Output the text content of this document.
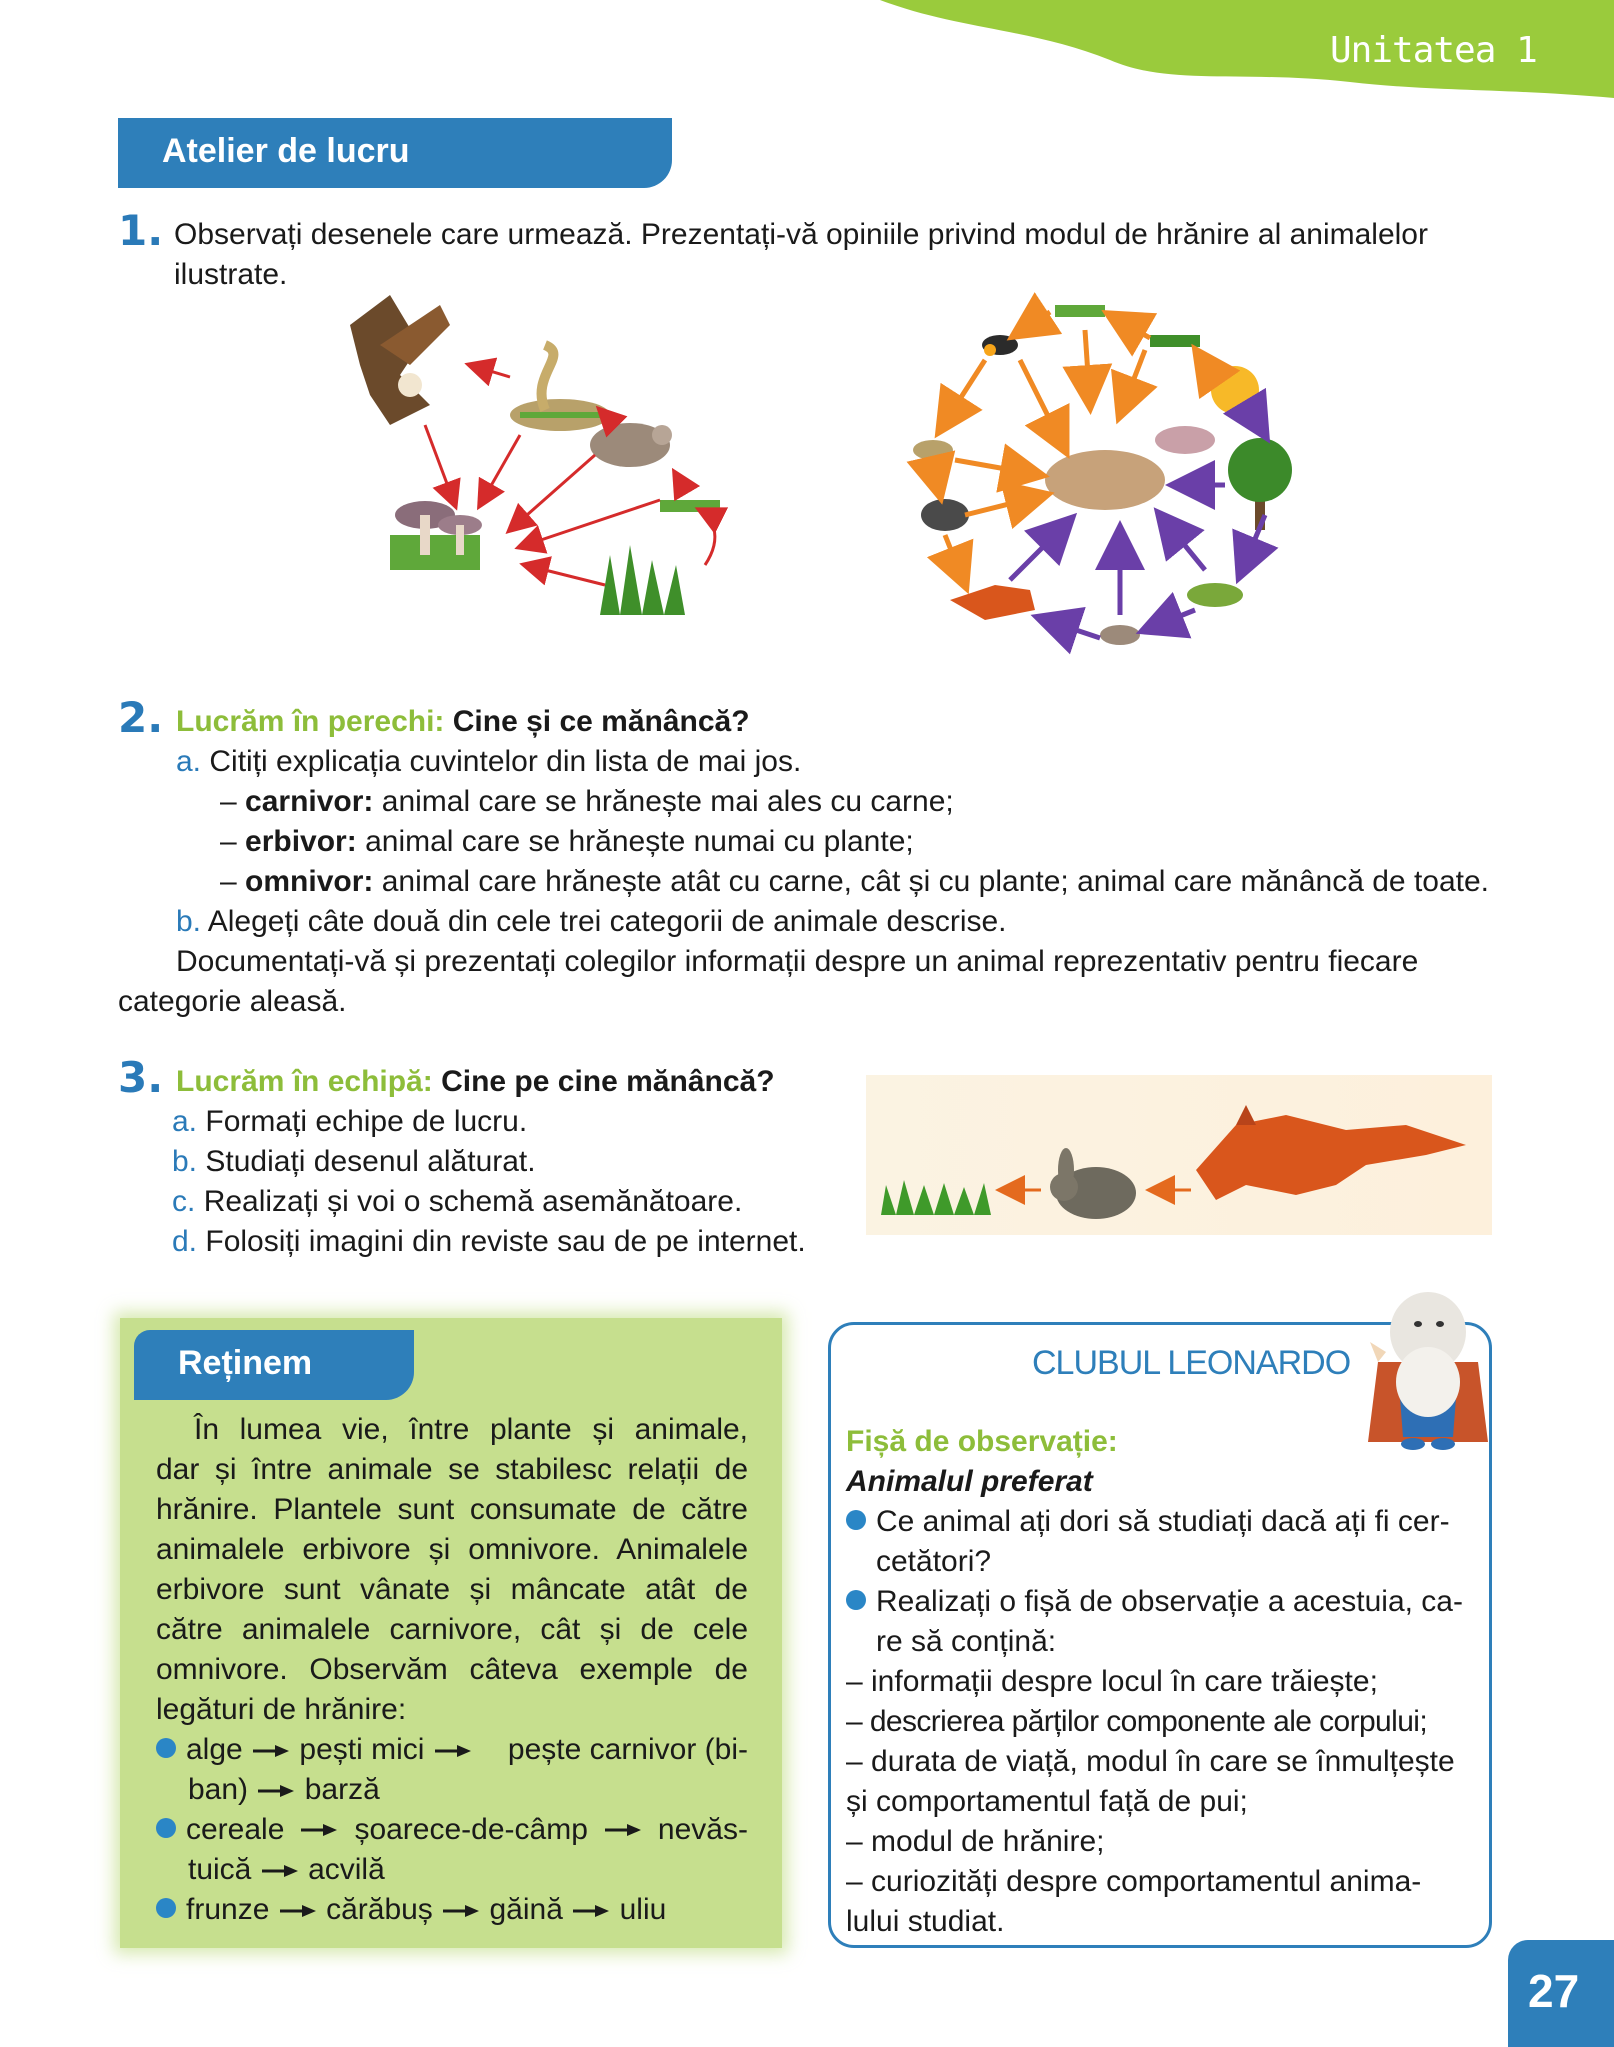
Unitatea 1
Atelier de lucru
1. Observați desenele care urmează. Prezentați-vă opiniile privind modul de hrănire al animalelor
ilustrate.
2. Lucrăm în perechi: Cine și ce mănâncă?
a. Citiți explicația cuvintelor din lista de mai jos.
– carnivor: animal care se hrănește mai ales cu carne;
– erbivor: animal care se hrănește numai cu plante;
– omnivor: animal care hrănește atât cu carne, cât și cu plante; animal care mănâncă de toate.
b. Alegeți câte două din cele trei categorii de animale descrise.
Documentați-vă și prezentați colegilor informații despre un animal reprezentativ pentru fiecare
categorie aleasă.
3. Lucrăm în echipă: Cine pe cine mănâncă?
a. Formați echipe de lucru.
b. Studiați desenul alăturat.
c. Realizați și voi o schemă asemănătoare.
d. Folosiți imagini din reviste sau de pe internet.
Reținem
În lumea vie, între plante și animale,
dar și între animale se stabilesc relații de
hrănire. Plantele sunt consumate de către
animalele erbivore și omnivore. Animalele
erbivore sunt vânate și mâncate atât de
către animalele carnivore, cât și de cele
omnivore. Observăm câteva exemple de
legături de hrănire:
alge pești mici	pește carnivor (bi-
ban) barză
cereale șoarece-de-câmp nevăs-
tuică acvilă
frunze cărăbuș găină uliu
CLUBUL LEONARDO
Fișă de observație:
Animalul preferat
Ce animal ați dori să studiați dacă ați fi cer-
cetători?
Realizați o fișă de observație a acestuia, ca-
re să conțină:
– informații despre locul în care trăiește;
– descrierea părților componente ale corpului;
– durata de viață, modul în care se înmulțește
și comportamentul față de pui;
– modul de hrănire;
– curiozități despre comportamentul anima-
lului studiat.
27
